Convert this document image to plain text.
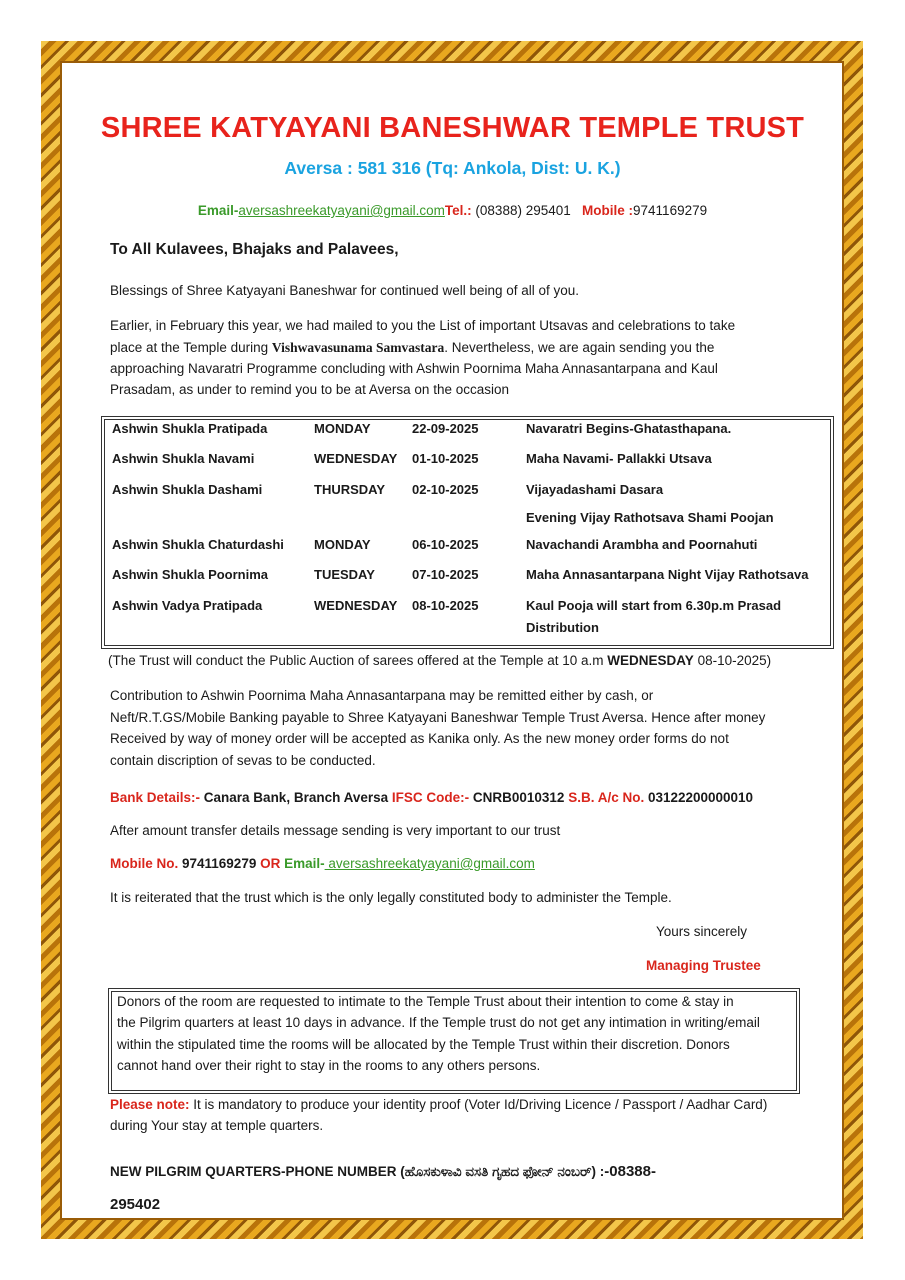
SHREE KATYAYANI BANESHWAR TEMPLE TRUST
Aversa : 581 316 (Tq: Ankola, Dist: U. K.)
Email-aversashreekatyayani@gmail.comTel.: (08388) 295401 Mobile :9741169279
To All Kulavees, Bhajaks and Palavees,
Blessings of Shree Katyayani Baneshwar for continued well being of all of you.
Earlier, in February this year, we had mailed to you the List of important Utsavas and celebrations to take
place at the Temple during Vishwavasunama Samvastara. Nevertheless, we are again sending you the
approaching Navaratri Programme concluding with Ashwin Poornima Maha Annasantarpana and Kaul
Prasadam, as under to remind you to be at Aversa on the occasion
Ashwin Shukla Pratipada	MONDAY	22-09-2025	Navaratri Begins-Ghatasthapana.
Ashwin Shukla Navami	WEDNESDAY 01-10-2025	Maha Navami- Pallakki Utsava
Ashwin Shukla Dashami	THURSDAY 02-10-2025	Vijayadashami Dasara
Evening Vijay Rathotsava Shami Poojan
Ashwin Shukla Chaturdashi MONDAY	06-10-2025	Navachandi Arambha and Poornahuti
Ashwin Shukla Poornima	TUESDAY	07-10-2025	Maha Annasantarpana Night Vijay Rathotsava
Ashwin Vadya Pratipada	WEDNESDAY 08-10-2025	Kaul Pooja will start from 6.30p.m Prasad
Distribution
(The Trust will conduct the Public Auction of sarees offered at the Temple at 10 a.m WEDNESDAY 08-10-2025)
Contribution to Ashwin Poornima Maha Annasantarpana may be remitted either by cash, or
Neft/R.T.GS/Mobile Banking payable to Shree Katyayani Baneshwar Temple Trust Aversa. Hence after money
Received by way of money order will be accepted as Kanika only. As the new money order forms do not
contain discription of sevas to be conducted.
Bank Details:- Canara Bank, Branch Aversa IFSC Code:- CNRB0010312 S.B. A/c No. 03122200000010
After amount transfer details message sending is very important to our trust
Mobile No. 9741169279 OR Email- aversashreekatyayani@gmail.com
It is reiterated that the trust which is the only legally constituted body to administer the Temple.
Yours sincerely
Managing Trustee
Donors of the room are requested to intimate to the Temple Trust about their intention to come & stay in
the Pilgrim quarters at least 10 days in advance. If the Temple trust do not get any intimation in writing/email
within the stipulated time the rooms will be allocated by the Temple Trust within their discretion. Donors
cannot hand over their right to stay in the rooms to any others persons.
Please note: It is mandatory to produce your identity proof (Voter Id/Driving Licence / Passport / Aadhar Card)
during Your stay at temple quarters.
NEW PILGRIM QUARTERS-PHONE NUMBER (ಹೊಸಕುಳಾವಿ ವಸತಿ ಗೃಹದ ಫೋನ್ ನಂಬರ್) :-08388-
295402
